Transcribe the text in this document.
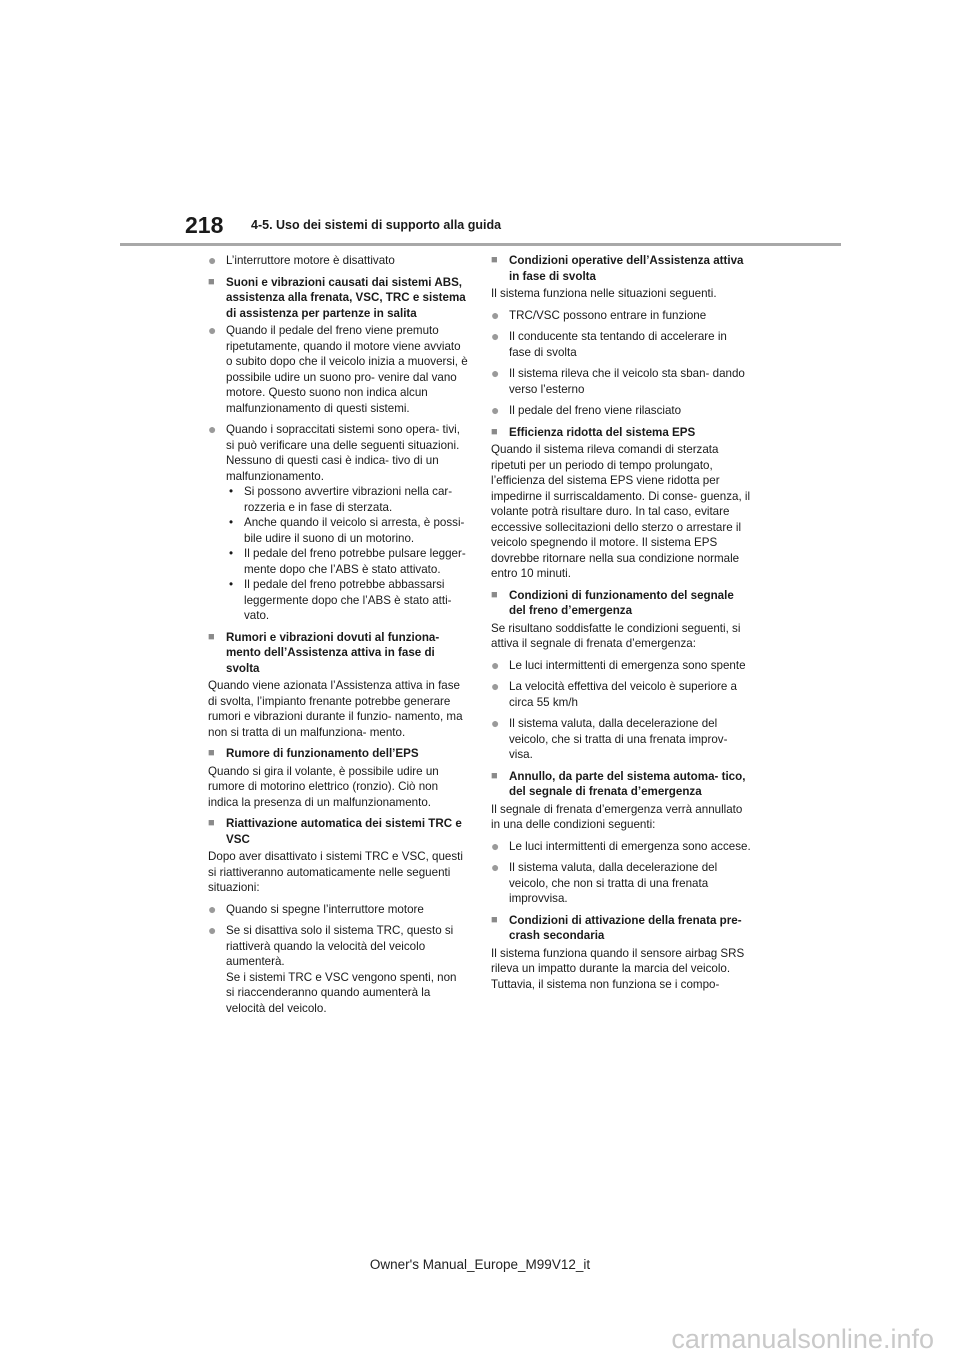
218 4-5. Uso dei sistemi di supporto alla guida
● L’interruttore motore è disattivato
■ Suoni e vibrazioni causati dai sistemi ABS, assistenza alla frenata, VSC, TRC e sistema di assistenza per partenze in salita
● Quando il pedale del freno viene premuto ripetutamente, quando il motore viene avviato o subito dopo che il veicolo inizia a muoversi, è possibile udire un suono pro- venire dal vano motore. Questo suono non indica alcun malfunzionamento di questi sistemi.
● Quando i sopraccitati sistemi sono opera- tivi, si può verificare una delle seguenti situazioni. Nessuno di questi casi è indica- tivo di un malfunzionamento.
• Si possono avvertire vibrazioni nella car- rozzeria e in fase di sterzata.
• Anche quando il veicolo si arresta, è possi- bile udire il suono di un motorino.
• Il pedale del freno potrebbe pulsare legger- mente dopo che l’ABS è stato attivato.
• Il pedale del freno potrebbe abbassarsi leggermente dopo che l’ABS è stato atti- vato.
■ Rumori e vibrazioni dovuti al funziona- mento dell’Assistenza attiva in fase di svolta
Quando viene azionata l’Assistenza attiva in fase di svolta, l’impianto frenante potrebbe generare rumori e vibrazioni durante il funzio- namento, ma non si tratta di un malfunziona- mento.
■ Rumore di funzionamento dell’EPS
Quando si gira il volante, è possibile udire un rumore di motorino elettrico (ronzio). Ciò non indica la presenza di un malfunzionamento.
■ Riattivazione automatica dei sistemi TRC e VSC
Dopo aver disattivato i sistemi TRC e VSC, questi si riattiveranno automaticamente nelle seguenti situazioni:
● Quando si spegne l’interruttore motore
● Se si disattiva solo il sistema TRC, questo si riattiverà quando la velocità del veicolo aumenterà.
Se i sistemi TRC e VSC vengono spenti, non si riaccenderanno quando aumenterà la velocità del veicolo.
■ Condizioni operative dell’Assistenza attiva in fase di svolta
Il sistema funziona nelle situazioni seguenti.
● TRC/VSC possono entrare in funzione
● Il conducente sta tentando di accelerare in fase di svolta
● Il sistema rileva che il veicolo sta sban- dando verso l’esterno
● Il pedale del freno viene rilasciato
■ Efficienza ridotta del sistema EPS
Quando il sistema rileva comandi di sterzata ripetuti per un periodo di tempo prolungato, l’efficienza del sistema EPS viene ridotta per impedirne il surriscaldamento. Di conse- guenza, il volante potrà risultare duro. In tal caso, evitare eccessive sollecitazioni dello sterzo o arrestare il veicolo spegnendo il motore. Il sistema EPS dovrebbe ritornare nella sua condizione normale entro 10 minuti.
■ Condizioni di funzionamento del segnale del freno d’emergenza
Se risultano soddisfatte le condizioni seguenti, si attiva il segnale di frenata d’emergenza:
● Le luci intermittenti di emergenza sono spente
● La velocità effettiva del veicolo è superiore a circa 55 km/h
● Il sistema valuta, dalla decelerazione del veicolo, che si tratta di una frenata improv- visa.
■ Annullo, da parte del sistema automa- tico, del segnale di frenata d’emergenza
Il segnale di frenata d’emergenza verrà annullato in una delle condizioni seguenti:
● Le luci intermittenti di emergenza sono accese.
● Il sistema valuta, dalla decelerazione del veicolo, che non si tratta di una frenata improvvisa.
■ Condizioni di attivazione della frenata pre-crash secondaria
Il sistema funziona quando il sensore airbag SRS rileva un impatto durante la marcia del veicolo.
Tuttavia, il sistema non funziona se i compo-
Owner's Manual_Europe_M99V12_it
carmanualsonline.info
